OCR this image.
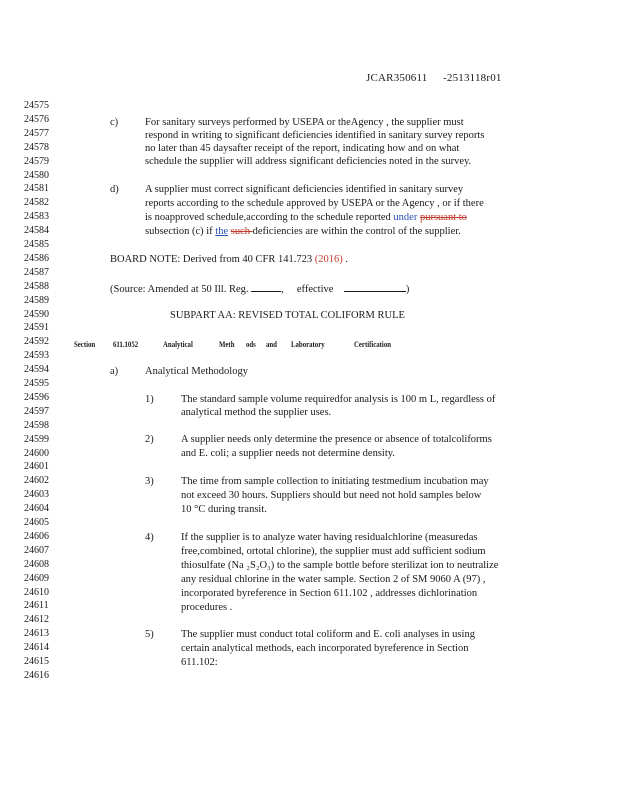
JCAR350611 -2513118r01
24575
24576
24577
24578
24579
24580
24581
24582
24583
24584
24585
24586
24587
24588
24589
24590
24591
24592
24593
24594
24595
24596
24597
24598
24599
24600
24601
24602
24603
24604
24605
24606
24607
24608
24609
24610
24611
24612
24613
24614
24615
24616
c)	For sanitary surveys performed by USEPA or theAgency , the supplier must
respond in writing to significant deficiencies identified in sanitary survey reports
no later than 45 daysafter receipt of the report, indicating how and on what
schedule the supplier will address significant deficiencies noted in the survey.
d)	A supplier must correct significant deficiencies identified in sanitary survey
reports according to the schedule approved by USEPA or the Agency , or if there
is noapproved schedule,according to the schedule reported under pursuant to
subsection (c) if the such deficiencies are within the control of the supplier.
BOARD NOTE: Derived from 40 CFR 141.723 (2016) .
(Source: Amended at 50 Ill. Reg.	, effective	)
SUBPART AA: REVISED TOTAL COLIFORM RULE
Section 611.1052	Analytical	Meth ods and Laboratory	Certification
a)	Analytical Methodology
1)	The standard sample volume requiredfor analysis is 100 m L, regardless of
analytical method the supplier uses.
2)	A supplier needs only determine the presence or absence of totalcoliforms
and E. coli; a supplier needs not determine density.
3)	The time from sample collection to initiating testmedium incubation may
not exceed 30 hours. Suppliers should but need not hold samples below
10 °C during transit.
4)	If the supplier is to analyze water having residualchlorine (measuredas
free,combined, ortotal chlorine), the supplier must add sufficient sodium
thiosulfate (Na ₂S₂O₃) to the sample bottle before sterilizat ion to neutralize
any residual chlorine in the water sample. Section 2 of SM 9060 A (97) ,
incorporated byreference in Section 611.102 , addresses dichlorination
procedures .
5)	The supplier must conduct total coliform and E. coli analyses in using
certain analytical methods, each incorporated byreference in Section
611.102:
